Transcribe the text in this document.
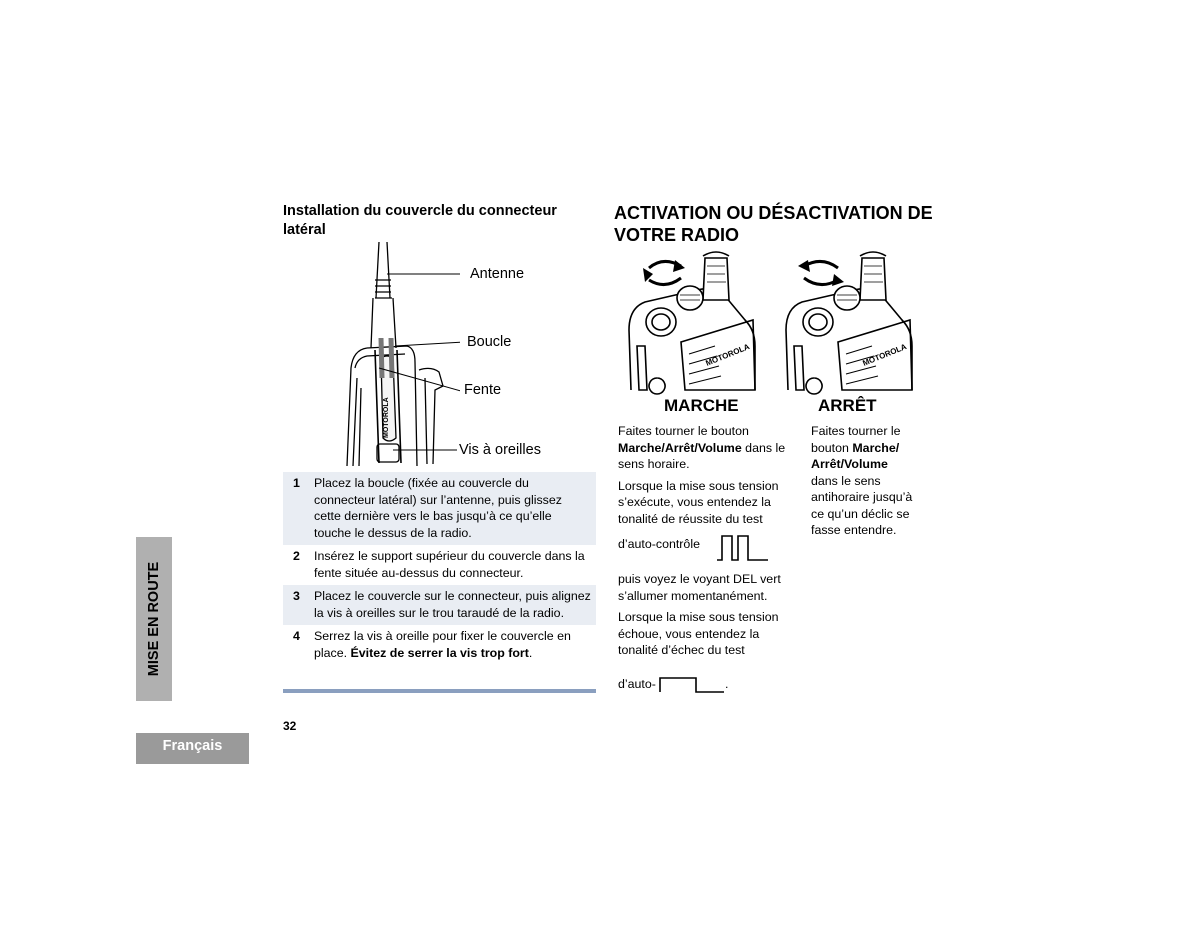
Installation du couvercle du connecteur latéral
MOTOROLA
Antenne
Boucle
Fente
Vis à oreilles
1	Placez la boucle (fixée au couvercle du connecteur latéral) sur l’antenne, puis glissez cette dernière vers le bas jusqu’à ce qu’elle touche le dessus de la radio.
2	Insérez le support supérieur du couvercle dans la fente située au-dessus du connecteur.
3	Placez le couvercle sur le connecteur, puis alignez la vis à oreilles sur le trou taraudé de la radio.
4	Serrez la vis à oreille pour fixer le couvercle en place. Évitez de serrer la vis trop fort.
ACTIVATION OU DÉSACTIVATION DE VOTRE RADIO
MOTOROLA	MOTOROLA
MARCHE	ARRÊT

Faites tourner le bouton Marche/Arrêt/Volume dans le sens horaire.

Lorsque la mise sous tension s’exécute, vous entendez la tonalité de réussite du test

d’auto-contrôle

puis voyez le voyant DEL vert s’allumer momentanément.

Lorsque la mise sous tension échoue, vous entendez la tonalité d’échec du test

d’auto-	.
Faites tourner le
bouton Marche/
Arrêt/Volume
dans le sens antihoraire jusqu’à ce qu’un déclic se fasse entendre.
MISE EN ROUTE
Français
32
